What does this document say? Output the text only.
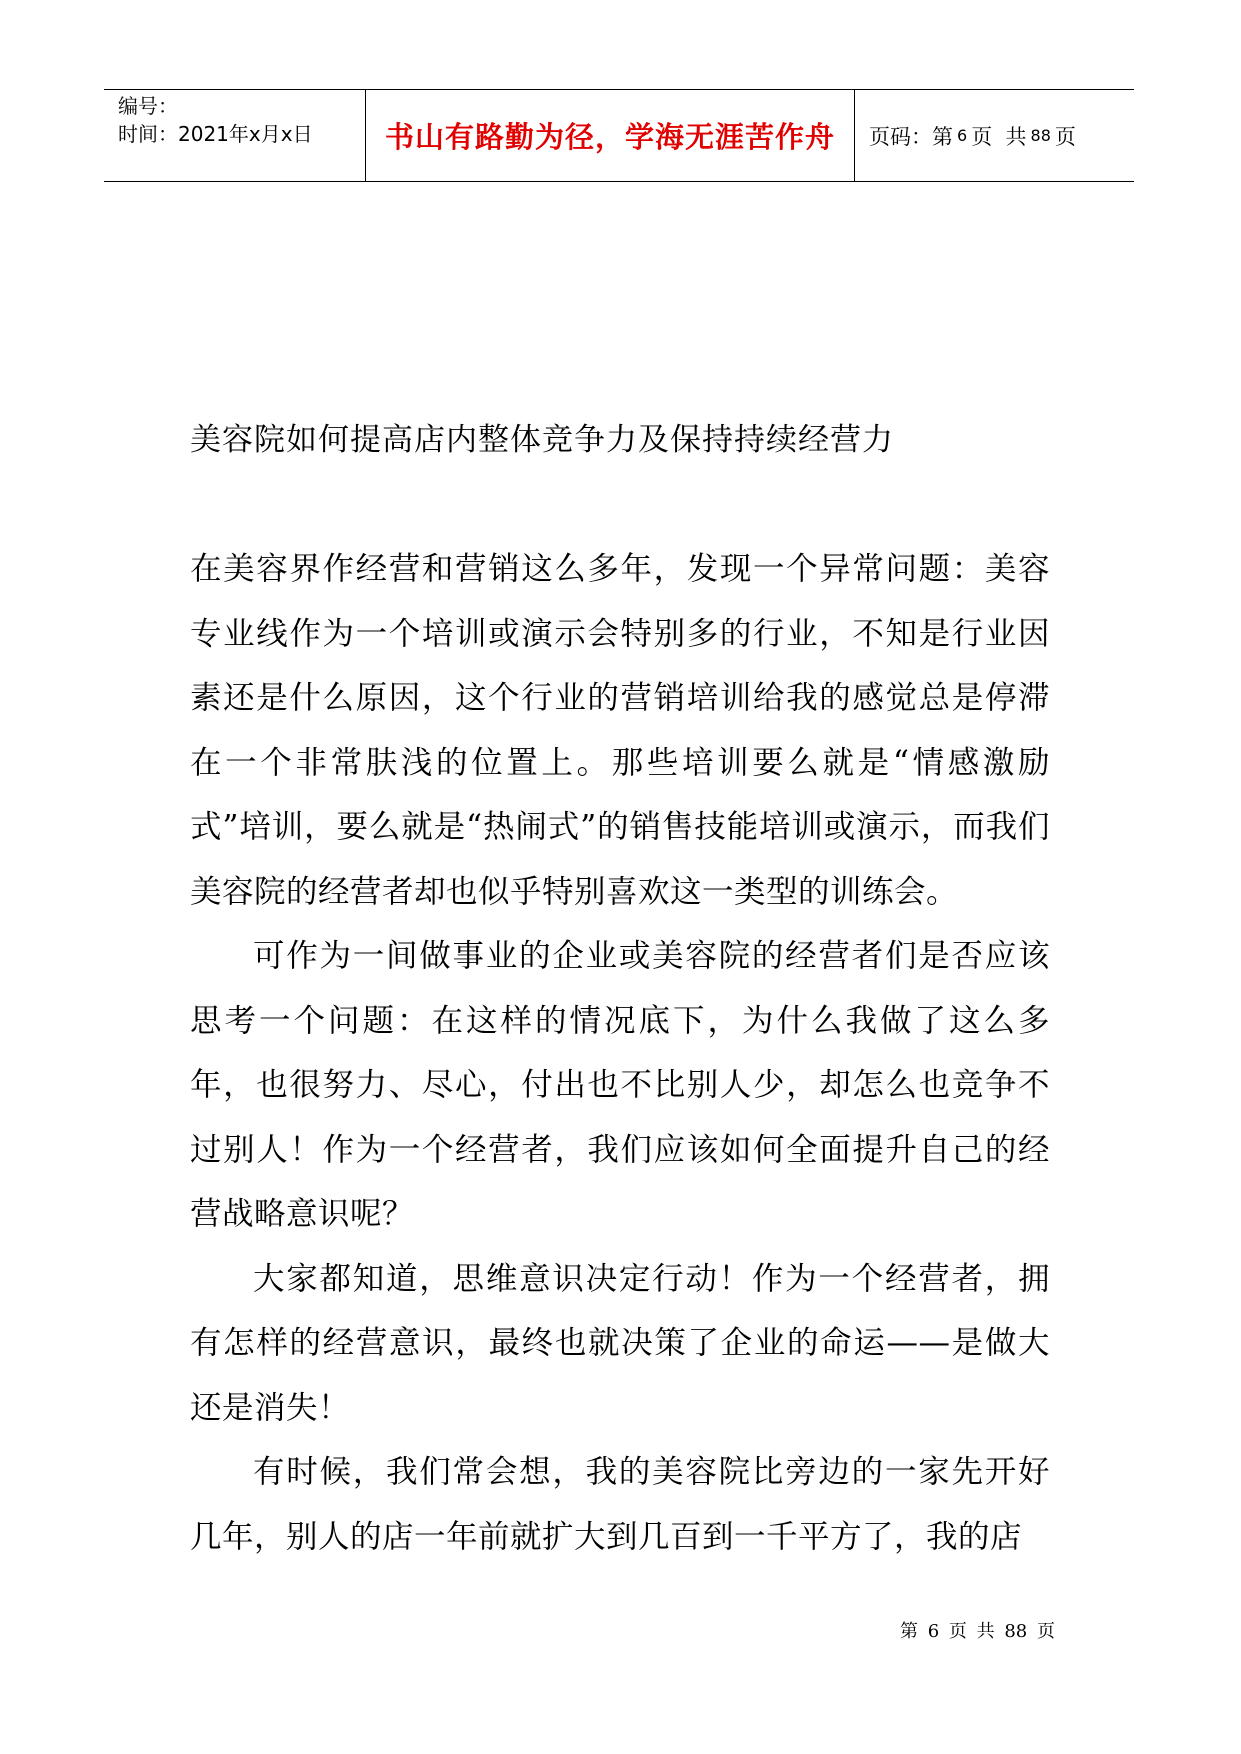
编号：
时间：2021年x月x日	书山有路勤为径，学海无涯苦作舟 页码：第 6 页  共 88 页
美容院如何提高店内整体竞争力及保持持续经营力

在美容界作经营和营销这么多年，发现一个异常问题：美容专业线作为一个培训或演示会特别多的行业，不知是行业因素还是什么原因，这个行业的营销培训给我的感觉总是停滞在一个非常肤浅的位置上。那些培训要么就是“情感激励式”培训，要么就是“热闹式”的销售技能培训或演示，而我们美容院的经营者却也似乎特别喜欢这一类型的训练会。

可作为一间做事业的企业或美容院的经营者们是否应该思考一个问题：在这样的情况底下，为什么我做了这么多年，也很努力、尽心，付出也不比别人少，却怎么也竞争不过别人！作为一个经营者，我们应该如何全面提升自己的经营战略意识呢？

大家都知道，思维意识决定行动！作为一个经营者，拥有怎样的经营意识，最终也就决策了企业的命运——是做大还是消失！

有时候，我们常会想，我的美容院比旁边的一家先开好几年，别人的店一年前就扩大到几百到一千平方了，我的店

第 6 页 共 88 页
